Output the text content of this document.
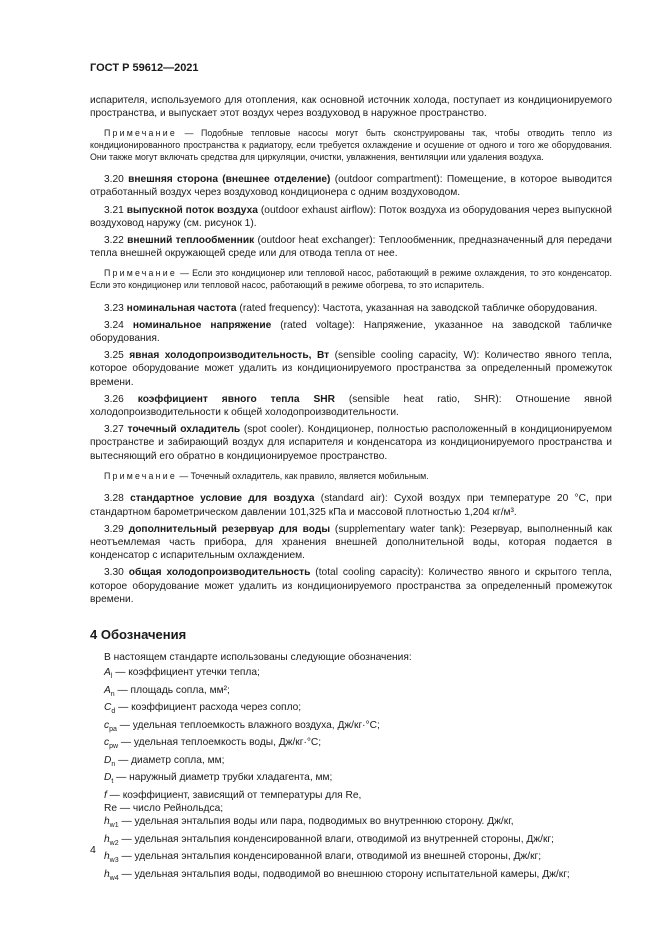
ГОСТ Р 59612—2021

испарителя, используемого для отопления, как основной источник холода, поступает из кондиционируемого пространства, и выпускает этот воздух через воздуховод в наружное пространство.

Примечание — Подобные тепловые насосы могут быть сконструированы так, чтобы отводить тепло из кондиционированного пространства к радиатору, если требуется охлаждение и осушение от одного и того же оборудования. Они также могут включать средства для циркуляции, очистки, увлажнения, вентиляции или удаления воздуха.

3.20 внешняя сторона (внешнее отделение) (outdoor compartment): Помещение, в которое выводится отработанный воздух через воздуховод кондиционера с одним воздуховодом.

3.21 выпускной поток воздуха (outdoor exhaust airflow): Поток воздуха из оборудования через выпускной воздуховод наружу (см. рисунок 1).

3.22 внешний теплообменник (outdoor heat exchanger): Теплообменник, предназначенный для передачи тепла внешней окружающей среде или для отвода тепла от нее.

Примечание — Если это кондиционер или тепловой насос, работающий в режиме охлаждения, то это конденсатор. Если это кондиционер или тепловой насос, работающий в режиме обогрева, то это испаритель.

3.23 номинальная частота (rated frequency): Частота, указанная на заводской табличке оборудования.

3.24 номинальное напряжение (rated voltage): Напряжение, указанное на заводской табличке оборудования.

3.25 явная холодопроизводительность, Вт (sensible cooling capacity, W): Количество явного тепла, которое оборудование может удалить из кондиционируемого пространства за определенный промежуток времени.

3.26 коэффициент явного тепла SHR (sensible heat ratio, SHR): Отношение явной холодопроизводительности к общей холодопроизводительности.

3.27 точечный охладитель (spot cooler). Кондиционер, полностью расположенный в кондиционируемом пространстве и забирающий воздух для испарителя и конденсатора из кондиционируемого пространства и вытесняющий его обратно в кондиционируемое пространство.

Примечание — Точечный охладитель, как правило, является мобильным.

3.28 стандартное условие для воздуха (standard air): Сухой воздух при температуре 20 °С, при стандартном барометрическом давлении 101,325 кПа и массовой плотностью 1,204 кг/м³.

3.29 дополнительный резервуар для воды (supplementary water tank): Резервуар, выполненный как неотъемлемая часть прибора, для хранения внешней дополнительной воды, которая подается в конденсатор с испарительным охлаждением.

3.30 общая холодопроизводительность (total cooling capacity): Количество явного и скрытого тепла, которое оборудование может удалить из кондиционируемого пространства за определенный промежуток времени.

4 Обозначения

В настоящем стандарте использованы следующие обозначения:

$A_l$ — коэффициент утечки тепла;

$A_n$ — площадь сопла, мм²;

$C_d$ — коэффициент расхода через сопло;

$c_{pa}$ — удельная теплоемкость влажного воздуха, Дж/кг·°С;

$c_{pw}$ — удельная теплоемкость воды, Дж/кг·°С;

$D_n$ — диаметр сопла, мм;

$D_t$ — наружный диаметр трубки хладагента, мм;

f — коэффициент, зависящий от температуры для Re,

Re — число Рейнольдса;

$h_{w1}$ — удельная энтальпия воды или пара, подводимых во внутреннюю сторону. Дж/кг,

$h_{w2}$ — удельная энтальпия конденсированной влаги, отводимой из внутренней стороны, Дж/кг;

$h_{w3}$ — удельная энтальпия конденсированной влаги, отводимой из внешней стороны, Дж/кг;

$h_{w4}$ — удельная энтальпия воды, подводимой во внешнюю сторону испытательной камеры, Дж/кг;

4
